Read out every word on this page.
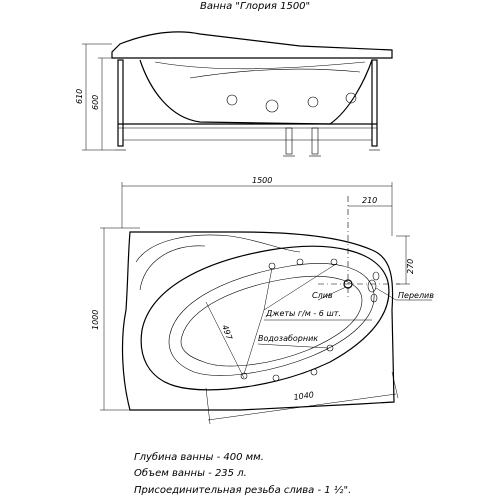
Ванна "Глория 1500"
610 600
1500
1000
210
270
497
1040
Слив	Перелив
Джеты г/м - 6 шт.
Водозаборник
Глубина ванны - 400 мм.
Объем ванны - 235 л.
Присоединительная резьба слива - 1 ½".
